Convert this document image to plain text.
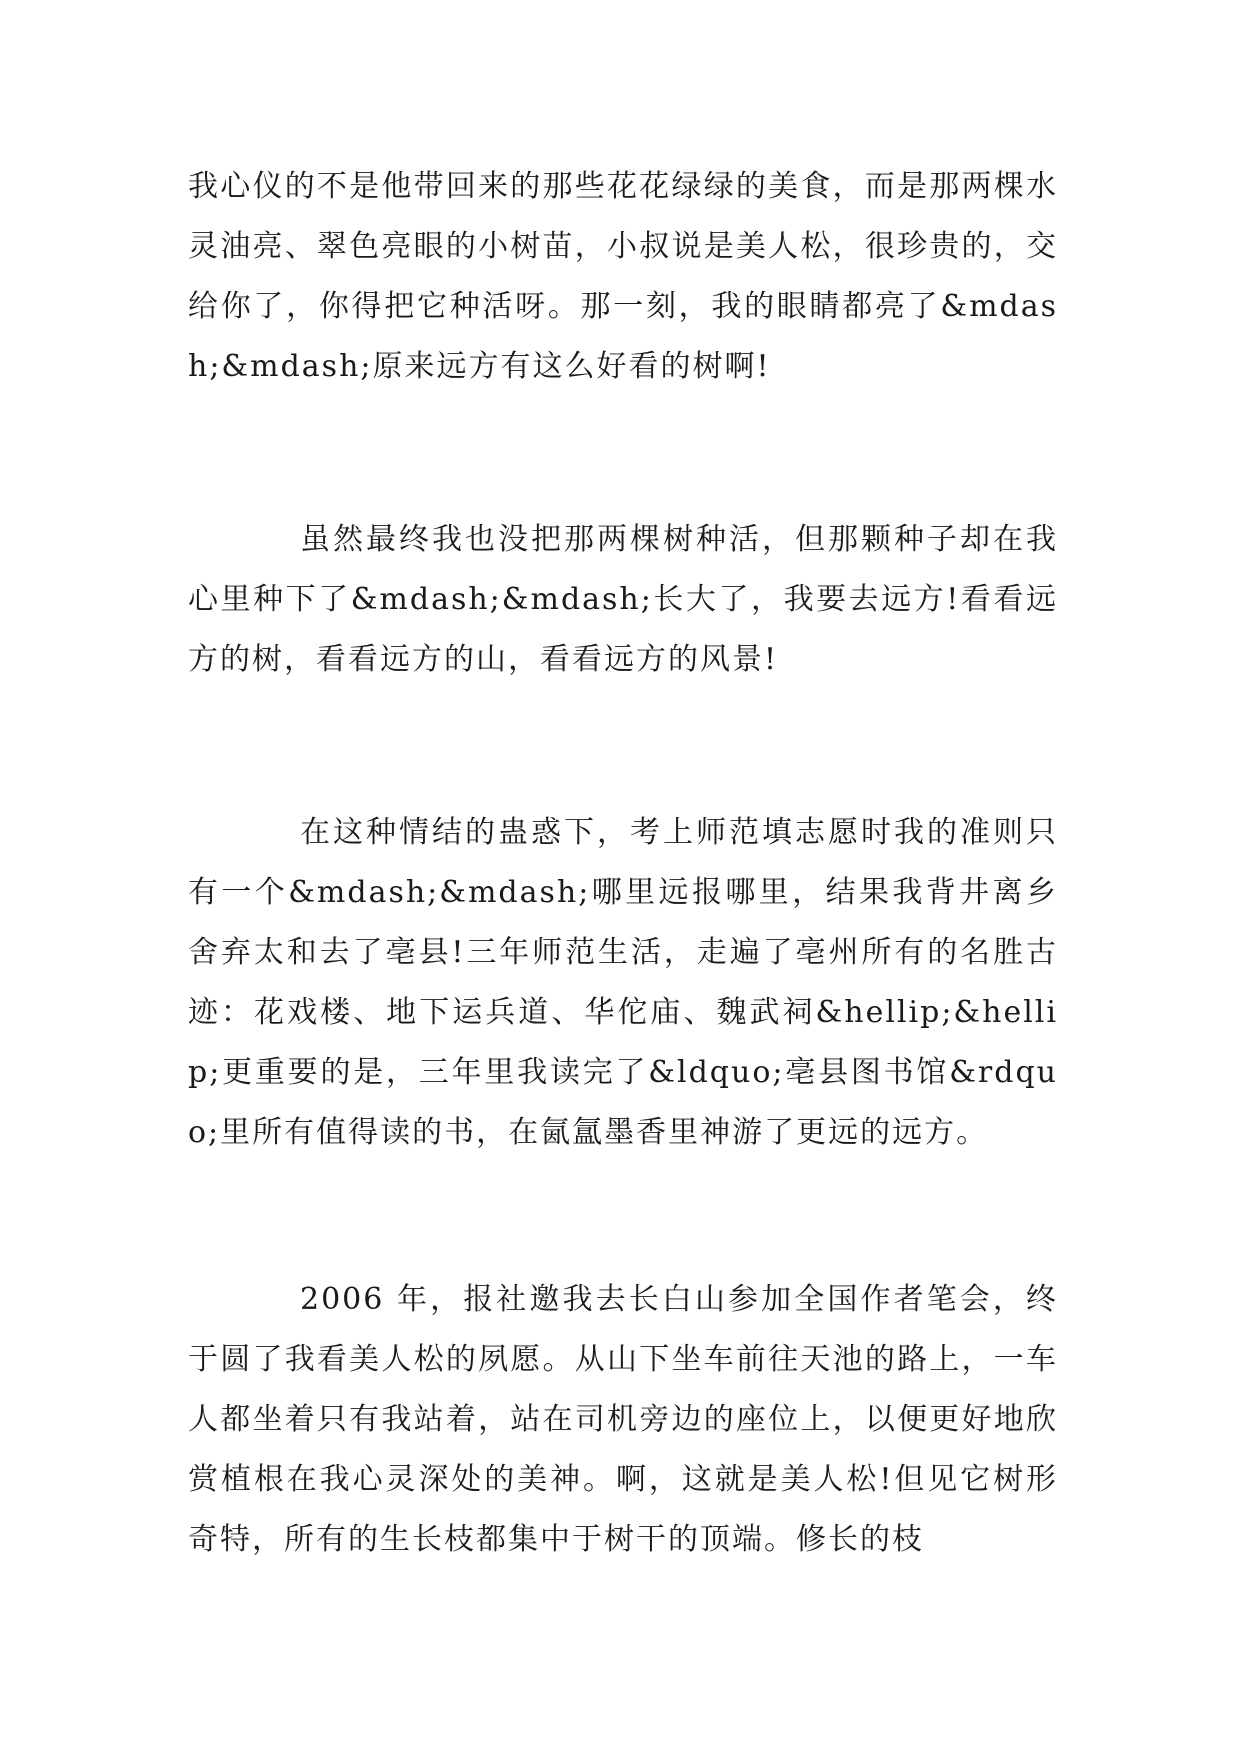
我心仪的不是他带回来的那些花花绿绿的美食，而是那两棵水灵油亮、翠色亮眼的小树苗，小叔说是美人松，很珍贵的，交给你了，你得把它种活呀。那一刻，我的眼睛都亮了&mdash;&mdash;原来远方有这么好看的树啊!

虽然最终我也没把那两棵树种活，但那颗种子却在我心里种下了&mdash;&mdash;长大了，我要去远方!看看远方的树，看看远方的山，看看远方的风景!

在这种情结的蛊惑下，考上师范填志愿时我的准则只有一个&mdash;&mdash;哪里远报哪里，结果我背井离乡舍弃太和去了亳县!三年师范生活，走遍了亳州所有的名胜古迹：花戏楼、地下运兵道、华佗庙、魏武祠&hellip;&hellip;更重要的是，三年里我读完了&ldquo;亳县图书馆&rdquo;里所有值得读的书，在氤氲墨香里神游了更远的远方。

2006 年，报社邀我去长白山参加全国作者笔会，终于圆了我看美人松的夙愿。从山下坐车前往天池的路上，一车人都坐着只有我站着，站在司机旁边的座位上，以便更好地欣赏植根在我心灵深处的美神。啊，这就是美人松!但见它树形奇特，所有的生长枝都集中于树干的顶端。修长的枝
